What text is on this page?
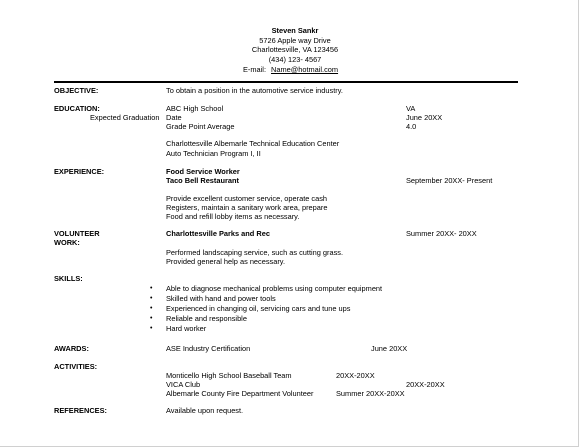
Steven Sankr
5726 Apple way Drive
Charlottesville, VA 123456
(434) 123- 4567
E-mail: Name@hotmail.com
OBJECTIVE:	To obtain a position in the automotive service industry.
EDUCATION:	ABC High School	VA
Expected Graduation Date	June 20XX
Grade Point Average	4.0
Charlottesville Albemarle Technical Education Center
Auto Technician Program I, II
EXPERIENCE:	Food Service Worker
Taco Bell Restaurant	September 20XX- Present
Provide excellent customer service, operate cash
Registers, maintain a sanitary work area, prepare
Food and refill lobby items as necessary.
VOLUNTEER
WORK:
Charlottesville Parks and Rec	Summer 20XX- 20XX
Performed landscaping service, such as cutting grass.
Provided general help as necessary.
SKILLS:
• Able to diagnose mechanical problems using computer equipment
• Skilled with hand and power tools
• Experienced in changing oil, servicing cars and tune ups
• Reliable and responsible
• Hard worker
AWARDS:	ASE Industry Certification	June 20XX
ACTIVITIES:
Monticello High School Baseball Team	20XX-20XX
VICA Club	20XX-20XX
Albemarle County Fire Department Volunteer	Summer 20XX-20XX
REFERENCES:	Available upon request.
